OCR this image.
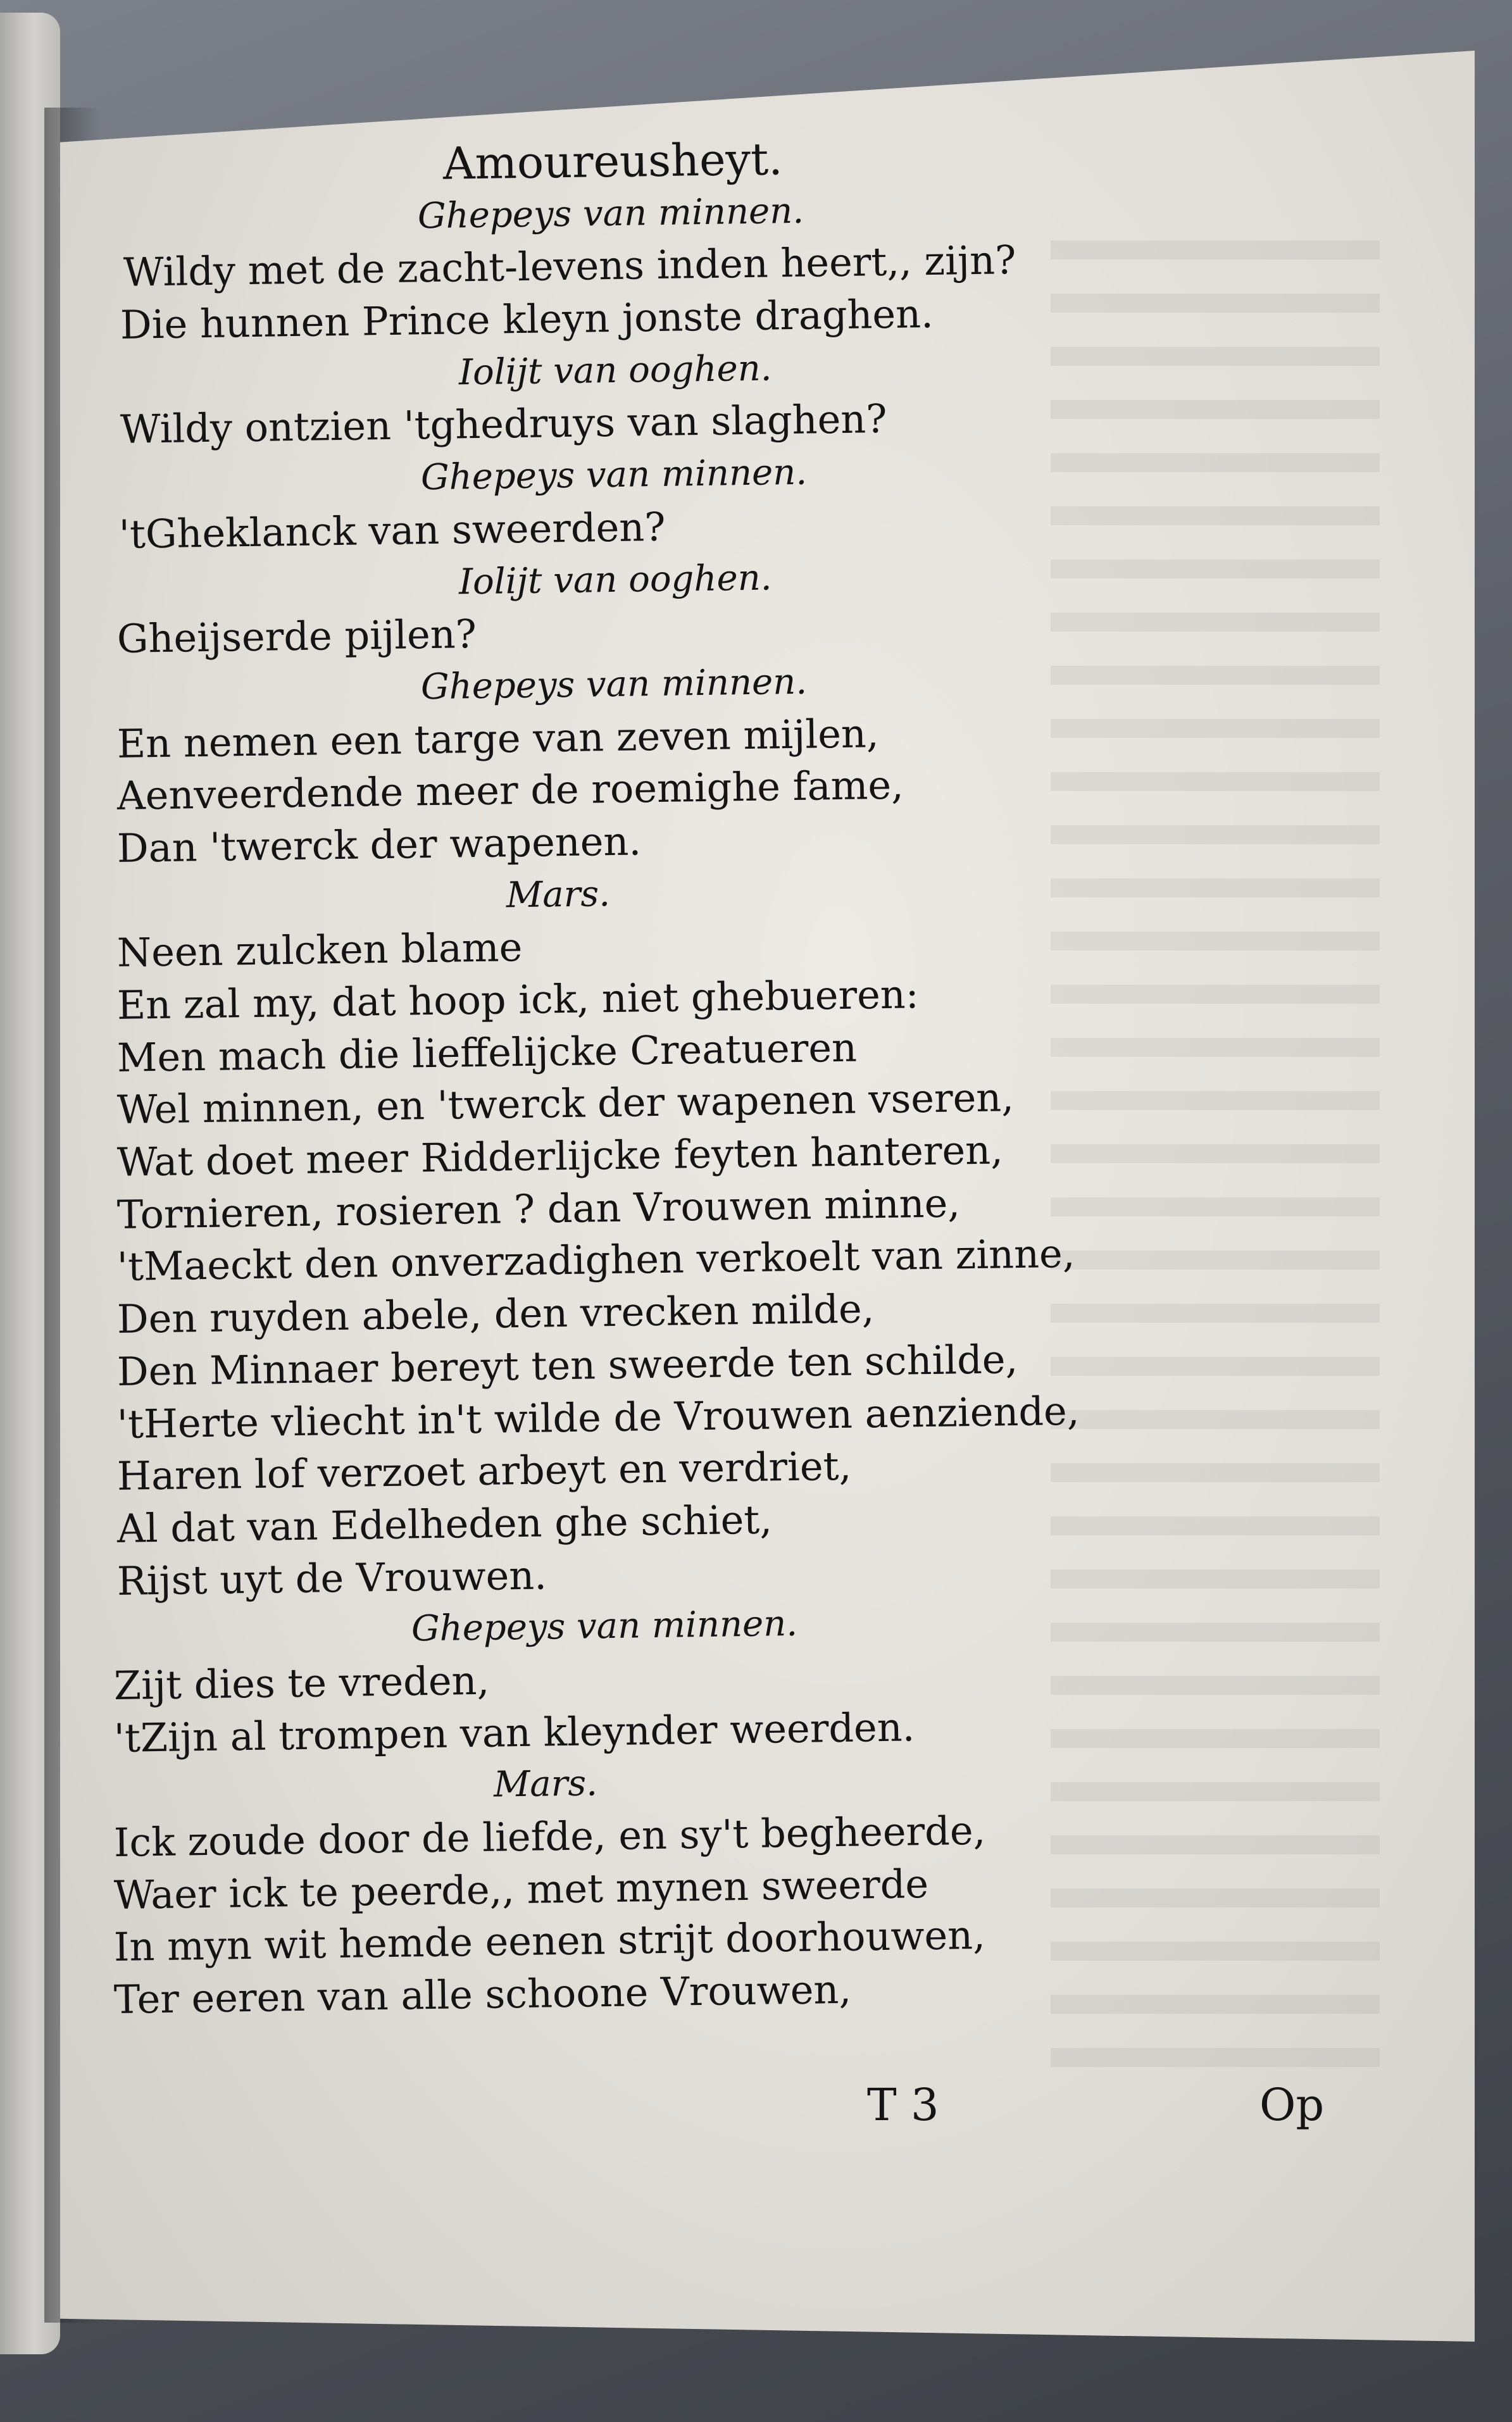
Amoureusheyt.
Ghepeys van minnen.
Wildy met de zacht-levens inden heert,, zijn?
Die hunnen Prince kleyn jonste draghen.
Iolijt van ooghen.
Wildy ontzien 'tghedruys van slaghen?
Ghepeys van minnen.
'tGheklanck van sweerden?
Iolijt van ooghen.
Gheijserde pijlen?
Ghepeys van minnen.
En nemen een targe van zeven mijlen,
Aenveerdende meer de roemighe fame,
Dan 'twerck der wapenen.
Mars.
Neen zulcken blame
En zal my, dat hoop ick, niet ghebueren:
Men mach die lieffelijcke Creatueren
Wel minnen, en 'twerck der wapenen vseren,
Wat doet meer Ridderlijcke feyten hanteren,
Tornieren, rosieren ? dan Vrouwen minne,
'tMaeckt den onverzadighen verkoelt van zinne,
Den ruyden abele, den vrecken milde,
Den Minnaer bereyt ten sweerde ten schilde,
'tHerte vliecht in't wilde de Vrouwen aenziende,
Haren lof verzoet arbeyt en verdriet,
Al dat van Edelheden ghe schiet,
Rijst uyt de Vrouwen.
Ghepeys van minnen.
Zijt dies te vreden,
'tZijn al trompen van kleynder weerden.
Mars.
Ick zoude door de liefde, en sy't begheerde,
Waer ick te peerde,, met mynen sweerde
In myn wit hemde eenen strijt doorhouwen,
Ter eeren van alle schoone Vrouwen,
T 3	Op
